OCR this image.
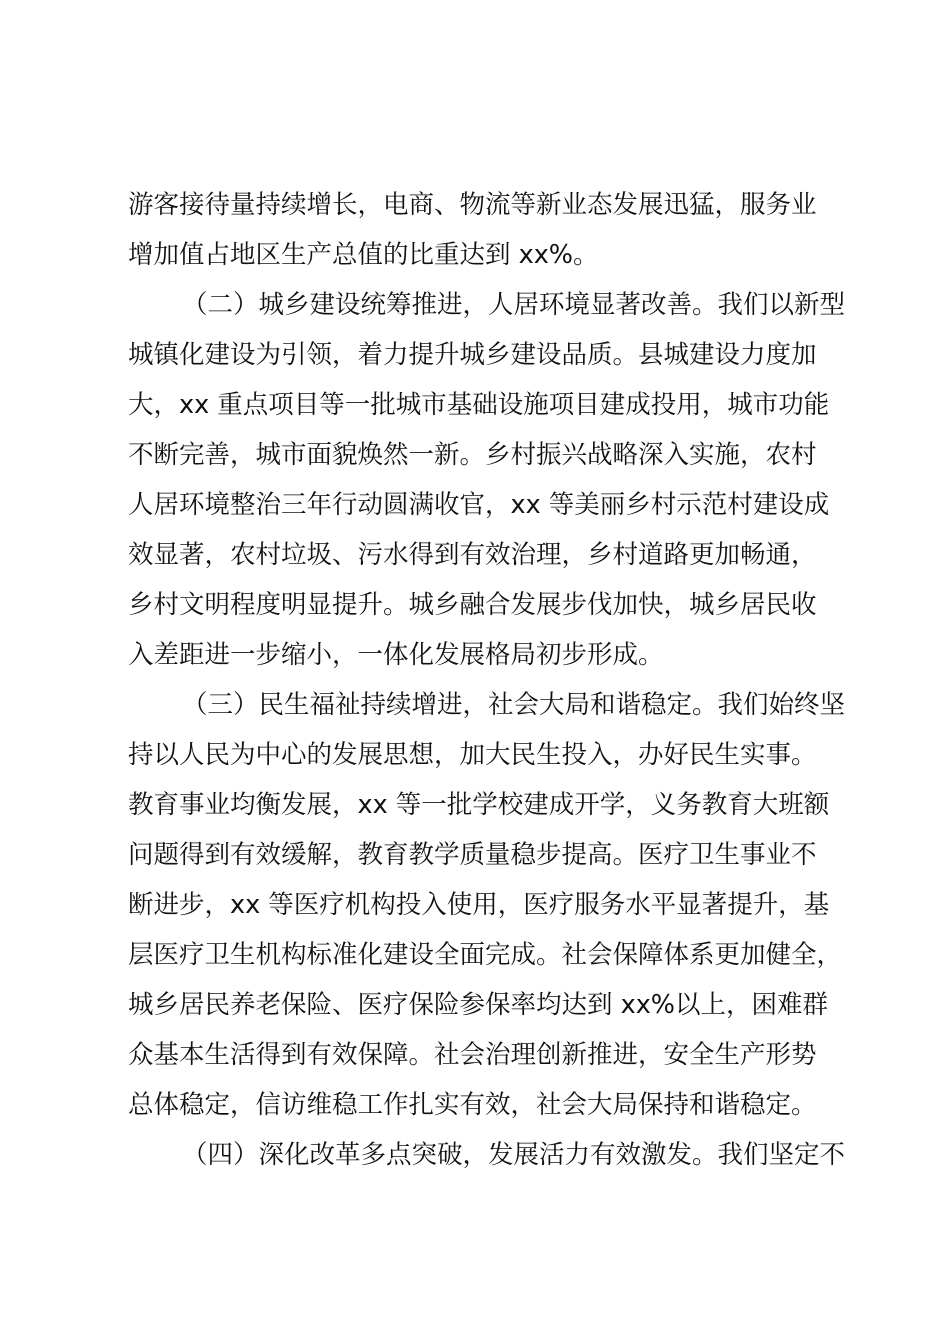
游客接待量持续增长，电商、物流等新业态发展迅猛，服务业
增加值占地区生产总值的比重达到 xx%。
（二）城乡建设统筹推进，人居环境显著改善。我们以新型
城镇化建设为引领，着力提升城乡建设品质。县城建设力度加
大，xx 重点项目等一批城市基础设施项目建成投用，城市功能
不断完善，城市面貌焕然一新。乡村振兴战略深入实施，农村
人居环境整治三年行动圆满收官，xx 等美丽乡村示范村建设成
效显著，农村垃圾、污水得到有效治理，乡村道路更加畅通，
乡村文明程度明显提升。城乡融合发展步伐加快，城乡居民收
入差距进一步缩小，一体化发展格局初步形成。
（三）民生福祉持续增进，社会大局和谐稳定。我们始终坚
持以人民为中心的发展思想，加大民生投入，办好民生实事。
教育事业均衡发展，xx 等一批学校建成开学，义务教育大班额
问题得到有效缓解，教育教学质量稳步提高。医疗卫生事业不
断进步，xx 等医疗机构投入使用，医疗服务水平显著提升，基
层医疗卫生机构标准化建设全面完成。社会保障体系更加健全，
城乡居民养老保险、医疗保险参保率均达到 xx%以上，困难群
众基本生活得到有效保障。社会治理创新推进，安全生产形势
总体稳定，信访维稳工作扎实有效，社会大局保持和谐稳定。
（四）深化改革多点突破，发展活力有效激发。我们坚定不
